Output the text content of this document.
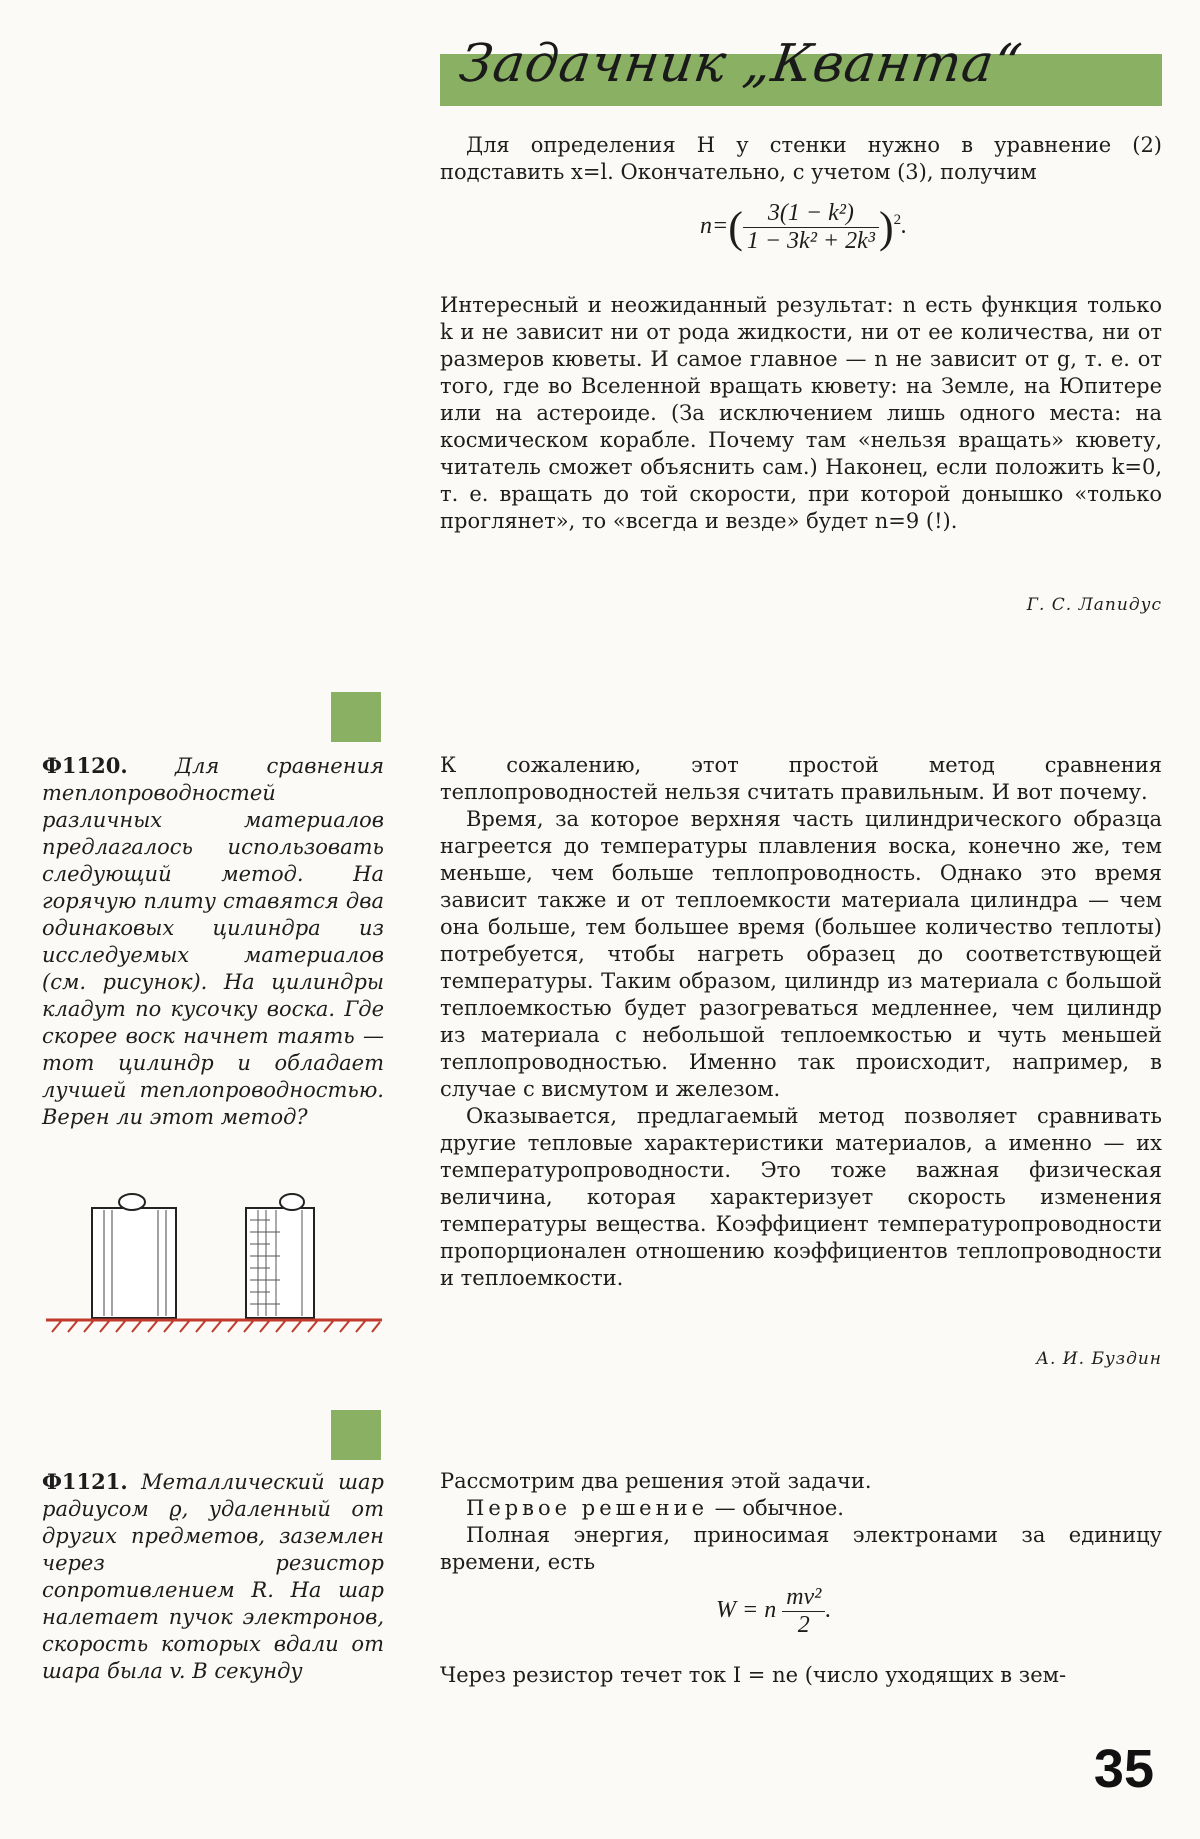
Задачник „Кванта“

Для определения H у стенки нужно в уравнение (2) подставить x=l. Окончательно, с учетом (3), получим

$n=( \frac{\text{3(1 − k²)}}{\text{1 − 3k² + 2k³}} )^2$.

Интересный и неожиданный результат: n есть функция только k и не зависит ни от рода жидкости, ни от ее количества, ни от размеров кюветы. И самое главное — n не зависит от g, т. е. от того, где во Вселенной вращать кювету: на Земле, на Юпитере или на астероиде. (За исключением лишь одного места: на космическом корабле. Почему там «нельзя вращать» кювету, читатель сможет объяснить сам.) Наконец, если положить k=0, т. е. вращать до той скорости, при которой донышко «только проглянет», то «всегда и везде» будет n=9 (!).

Г. С. Лапидус
Ф1120. Для сравнения теплопроводностей различных материалов предлагалось использовать следующий метод. На горячую плиту ставятся два одинаковых цилиндра из исследуемых материалов (см. рисунок). На цилиндры кладут по кусочку воска. Где скорее воск начнет таять — тот цилиндр и обладает лучшей теплопроводностью. Верен ли этот метод?

К сожалению, этот простой метод сравнения теплопроводностей нельзя считать правильным. И вот почему.

Время, за которое верхняя часть цилиндрического образца нагреется до температуры плавления воска, конечно же, тем меньше, чем больше теплопроводность. Однако это время зависит также и от теплоемкости материала цилиндра — чем она больше, тем большее время (большее количество теплоты) потребуется, чтобы нагреть образец до соответствующей температуры. Таким образом, цилиндр из материала с большой теплоемкостью будет разогреваться медленнее, чем цилиндр из материала с небольшой теплоемкостью и чуть меньшей теплопроводностью. Именно так происходит, например, в случае с висмутом и железом.

Оказывается, предлагаемый метод позволяет сравнивать другие тепловые характеристики материалов, а именно — их температуропроводности. Это тоже важная физическая величина, которая характеризует скорость изменения температуры вещества. Коэффициент температуропроводности пропорционален отношению коэффициентов теплопроводности и теплоемкости.

А. И. Буздин
Ф1121. Металлический шар радиусом ϱ, удаленный от других предметов, заземлен через резистор сопротивлением R. На шар налетает пучок электронов, скорость которых вдали от шара была v. В секунду

Рассмотрим два решения этой задачи.

Первое решение — обычное.

Полная энергия, приносимая электронами за единицу времени, есть

W = n $\frac{\text{mv²}}{2}$ .

Через резистор течет ток I = ne (число уходящих в зем-

35
